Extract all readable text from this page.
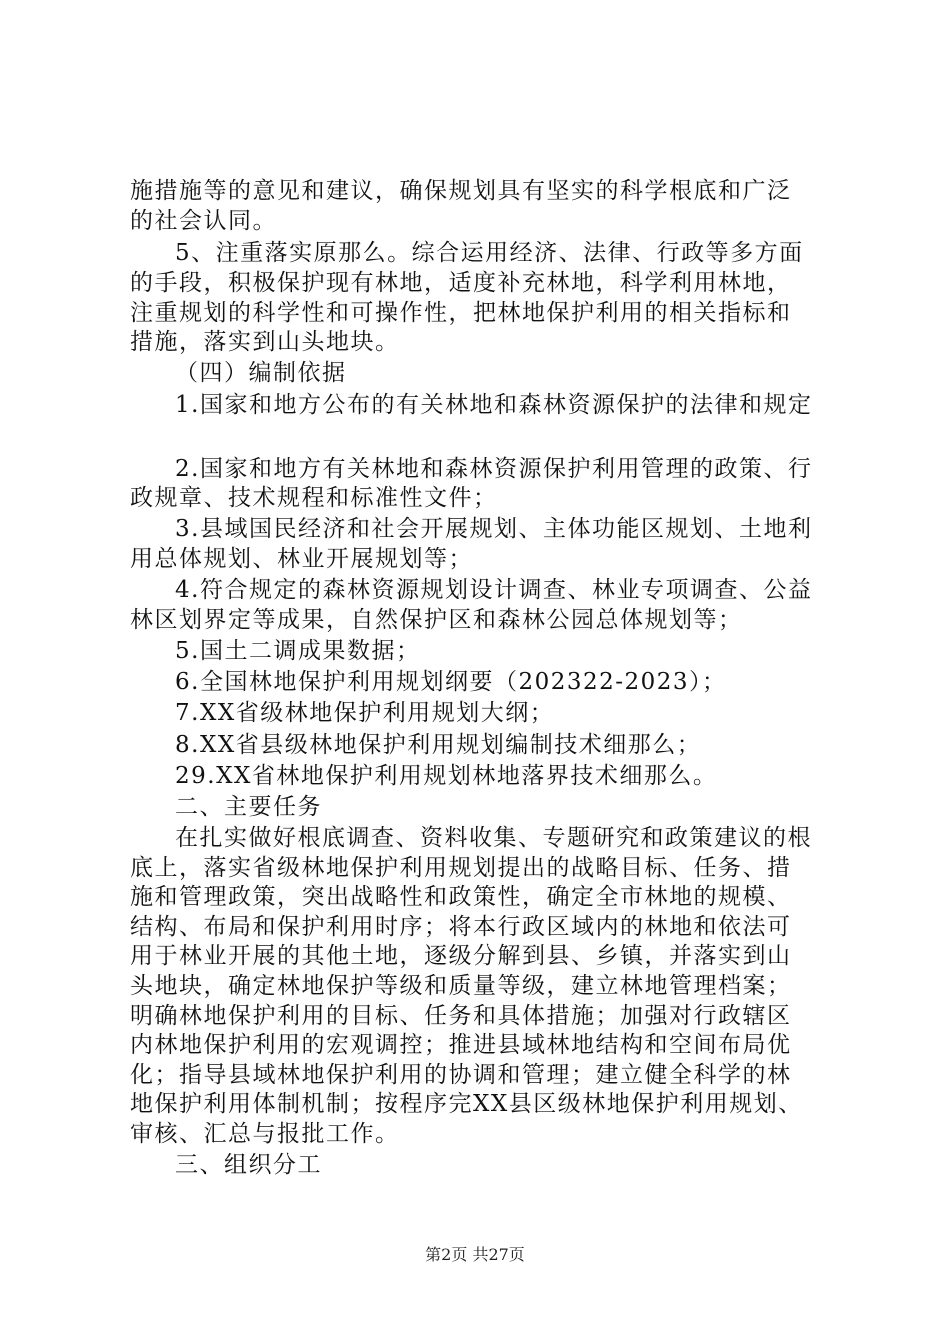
施措施等的意见和建议，确保规划具有坚实的科学根底和广泛
的社会认同。
5、注重落实原那么。综合运用经济、法律、行政等多方面
的手段，积极保护现有林地，适度补充林地，科学利用林地，
注重规划的科学性和可操作性，把林地保护利用的相关指标和
措施，落实到山头地块。
（四）编制依据
1.国家和地方公布的有关林地和森林资源保护的法律和规定
2.国家和地方有关林地和森林资源保护利用管理的政策、行
政规章、技术规程和标准性文件；
3.县域国民经济和社会开展规划、主体功能区规划、土地利
用总体规划、林业开展规划等；
4.符合规定的森林资源规划设计调查、林业专项调查、公益
林区划界定等成果，自然保护区和森林公园总体规划等；
5.国土二调成果数据；
6.全国林地保护利用规划纲要（202322-2023）；
7.XX省级林地保护利用规划大纲；
8.XX省县级林地保护利用规划编制技术细那么；
29.XX省林地保护利用规划林地落界技术细那么。
二、主要任务
在扎实做好根底调查、资料收集、专题研究和政策建议的根
底上，落实省级林地保护利用规划提出的战略目标、任务、措
施和管理政策，突出战略性和政策性，确定全市林地的规模、
结构、布局和保护利用时序；将本行政区域内的林地和依法可
用于林业开展的其他土地，逐级分解到县、乡镇，并落实到山
头地块，确定林地保护等级和质量等级，建立林地管理档案；
明确林地保护利用的目标、任务和具体措施；加强对行政辖区
内林地保护利用的宏观调控；推进县域林地结构和空间布局优
化；指导县域林地保护利用的协调和管理；建立健全科学的林
地保护利用体制机制；按程序完XX县区级林地保护利用规划、
审核、汇总与报批工作。
三、组织分工
第2页 共27页
